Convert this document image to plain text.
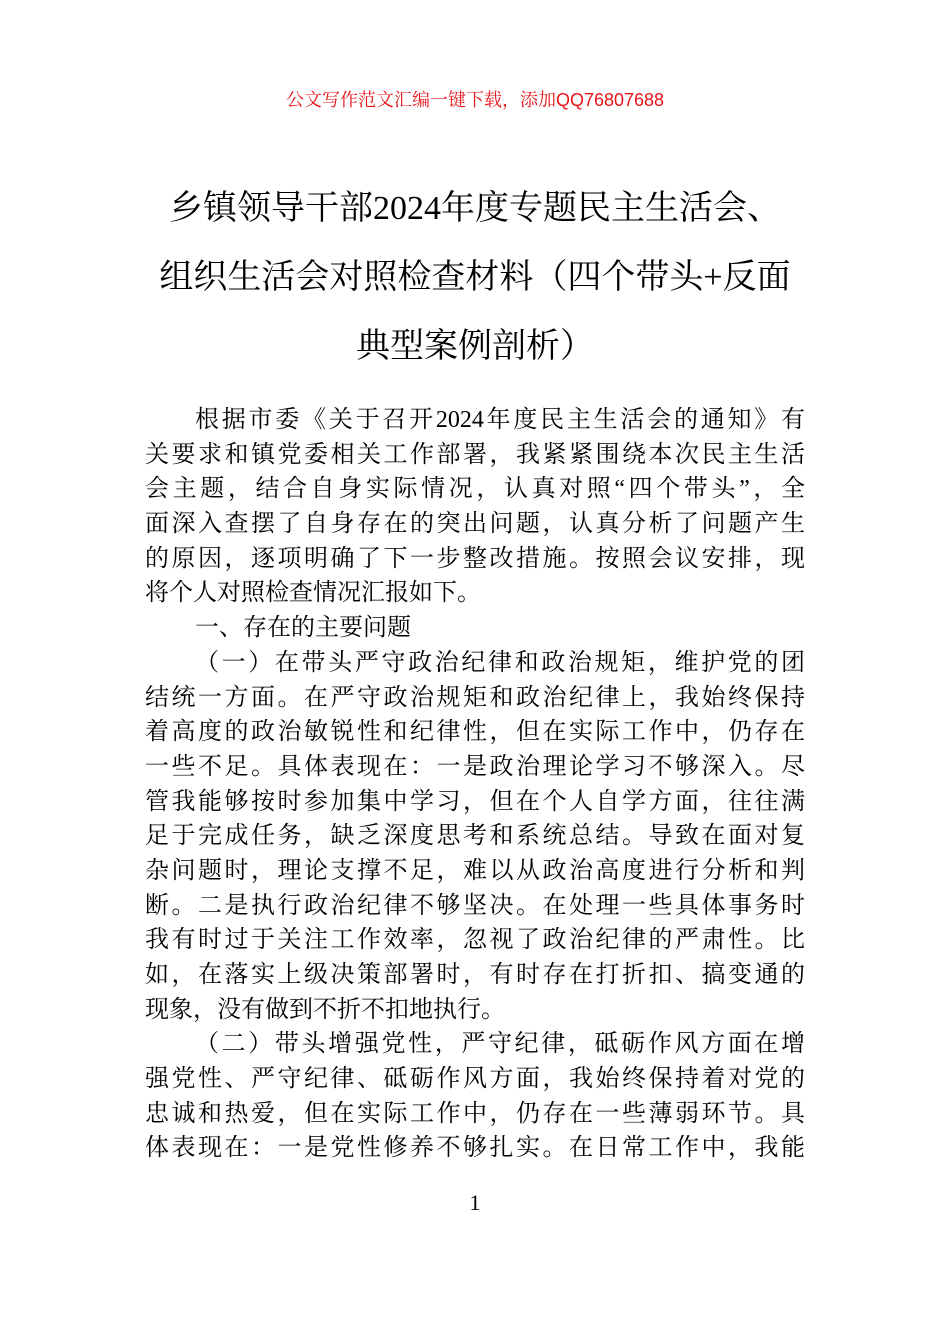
公文写作范文汇编一键下载，添加QQ76807688
乡镇领导干部2024年度专题民主生活会、
组织生活会对照检查材料（四个带头+反面
典型案例剖析）
根据市委《关于召开2024年度民主生活会的通知》有
关要求和镇党委相关工作部署，我紧紧围绕本次民主生活
会主题，结合自身实际情况，认真对照“四个带头”，全
面深入查摆了自身存在的突出问题，认真分析了问题产生
的原因，逐项明确了下一步整改措施。按照会议安排，现
将个人对照检查情况汇报如下。
一、存在的主要问题
（一）在带头严守政治纪律和政治规矩，维护党的团
结统一方面。在严守政治规矩和政治纪律上，我始终保持
着高度的政治敏锐性和纪律性，但在实际工作中，仍存在
一些不足。具体表现在：一是政治理论学习不够深入。尽
管我能够按时参加集中学习，但在个人自学方面，往往满
足于完成任务，缺乏深度思考和系统总结。导致在面对复
杂问题时，理论支撑不足，难以从政治高度进行分析和判
断。二是执行政治纪律不够坚决。在处理一些具体事务时
我有时过于关注工作效率，忽视了政治纪律的严肃性。比
如，在落实上级决策部署时，有时存在打折扣、搞变通的
现象，没有做到不折不扣地执行。
（二）带头增强党性，严守纪律，砥砺作风方面在增
强党性、严守纪律、砥砺作风方面，我始终保持着对党的
忠诚和热爱，但在实际工作中，仍存在一些薄弱环节。具
体表现在：一是党性修养不够扎实。在日常工作中，我能
1
